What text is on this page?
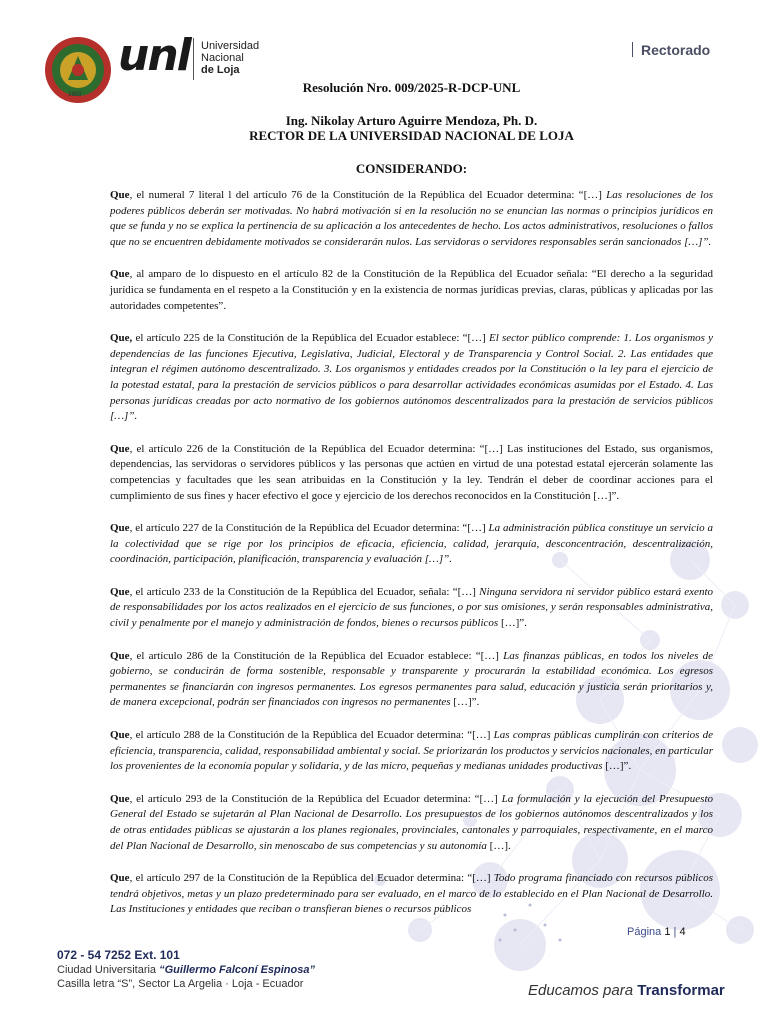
1859
unl Universidad
Nacional
de Loja
Rectorado
Resolución Nro. 009/2025-R-DCP-UNL
Ing. Nikolay Arturo Aguirre Mendoza, Ph. D.
RECTOR DE LA UNIVERSIDAD NACIONAL DE LOJA
CONSIDERANDO:

Que, el numeral 7 literal l del artículo 76 de la Constitución de la República del Ecuador determina: “[…] Las resoluciones de los poderes públicos deberán ser motivadas. No habrá motivación si en la resolución no se enuncian las normas o principios jurídicos en que se funda y no se explica la pertinencia de su aplicación a los antecedentes de hecho. Los actos administrativos, resoluciones o fallos que no se encuentren debidamente motivados se considerarán nulos. Las servidoras o servidores responsables serán sancionados […]”.

Que, al amparo de lo dispuesto en el artículo 82 de la Constitución de la República del Ecuador señala: “El derecho a la seguridad jurídica se fundamenta en el respeto a la Constitución y en la existencia de normas jurídicas previas, claras, públicas y aplicadas por las autoridades competentes”.

Que, el artículo 225 de la Constitución de la República del Ecuador establece: “[…] El sector público comprende: 1. Los organismos y dependencias de las funciones Ejecutiva, Legislativa, Judicial, Electoral y de Transparencia y Control Social. 2. Las entidades que integran el régimen autónomo descentralizado. 3. Los organismos y entidades creados por la Constitución o la ley para el ejercicio de la potestad estatal, para la prestación de servicios públicos o para desarrollar actividades económicas asumidas por el Estado. 4. Las personas jurídicas creadas por acto normativo de los gobiernos autónomos descentralizados para la prestación de servicios públicos […]”.

Que, el artículo 226 de la Constitución de la República del Ecuador determina: “[…] Las instituciones del Estado, sus organismos, dependencias, las servidoras o servidores públicos y las personas que actúen en virtud de una potestad estatal ejercerán solamente las competencias y facultades que les sean atribuidas en la Constitución y la ley. Tendrán el deber de coordinar acciones para el cumplimiento de sus fines y hacer efectivo el goce y ejercicio de los derechos reconocidos en la Constitución […]”.

Que, el artículo 227 de la Constitución de la República del Ecuador determina: “[…] La administración pública constituye un servicio a la colectividad que se rige por los principios de eficacia, eficiencia, calidad, jerarquía, desconcentración, descentralización, coordinación, participación, planificación, transparencia y evaluación […]”.

Que, el artículo 233 de la Constitución de la República del Ecuador, señala: “[…] Ninguna servidora ni servidor público estará exento de responsabilidades por los actos realizados en el ejercicio de sus funciones, o por sus omisiones, y serán responsables administrativa, civil y penalmente por el manejo y administración de fondos, bienes o recursos públicos […]”.

Que, el artículo 286 de la Constitución de la República del Ecuador establece: “[…] Las finanzas públicas, en todos los niveles de gobierno, se conducirán de forma sostenible, responsable y transparente y procurarán la estabilidad económica. Los egresos permanentes se financiarán con ingresos permanentes. Los egresos permanentes para salud, educación y justicia serán prioritarios y, de manera excepcional, podrán ser financiados con ingresos no permanentes […]”.

Que, el artículo 288 de la Constitución de la República del Ecuador determina: “[…] Las compras públicas cumplirán con criterios de eficiencia, transparencia, calidad, responsabilidad ambiental y social. Se priorizarán los productos y servicios nacionales, en particular los provenientes de la economía popular y solidaria, y de las micro, pequeñas y medianas unidades productivas […]”.

Que, el artículo 293 de la Constitución de la República del Ecuador determina: “[…] La formulación y la ejecución del Presupuesto General del Estado se sujetarán al Plan Nacional de Desarrollo. Los presupuestos de los gobiernos autónomos descentralizados y los de otras entidades públicas se ajustarán a los planes regionales, provinciales, cantonales y parroquiales, respectivamente, en el marco del Plan Nacional de Desarrollo, sin menoscabo de sus competencias y su autonomía […].

Que, el artículo 297 de la Constitución de la República del Ecuador determina: “[…] Todo programa financiado con recursos públicos tendrá objetivos, metas y un plazo predeterminado para ser evaluado, en el marco de lo establecido en el Plan Nacional de Desarrollo. Las Instituciones y entidades que reciban o transfieran bienes o recursos públicos

Página 1 | 4
072 - 54 7252 Ext. 101
Ciudad Universitaria “Guillermo Falconí Espinosa”
Casilla letra “S”, Sector La Argelia · Loja - Ecuador	Educamos para Transformar
